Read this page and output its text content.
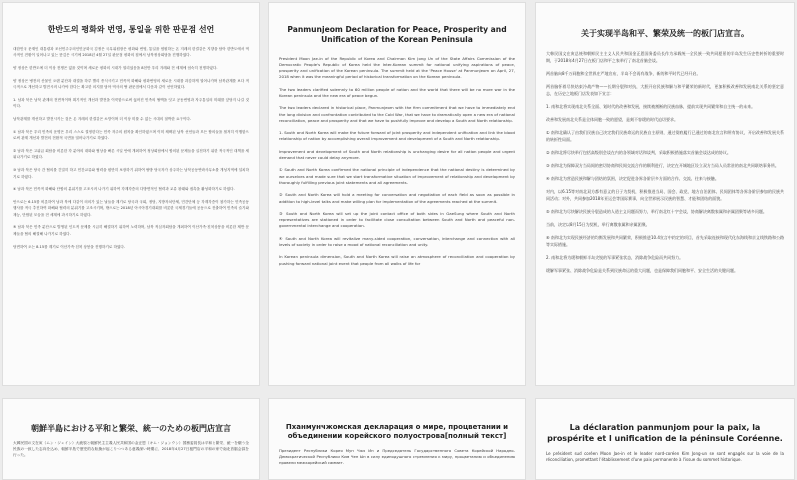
한반도의 평화와 번영, 통일을 위한 판문점 선언

대한민국 문재인 대통령과 조선민주주의인민공화국 김정은 국무위원장은 평화와 번영, 통일을 염원하는 온 겨레의 한결같은 지향을 담아 한반도에서 역사적인 전환이 일어나고 있는 뜻깊은 시기에 2018년 4월 27일 판문점 평화의 집에서 남북정상회담을 진행하였다.

양 정상은 한반도에 더 이상 전쟁은 없을 것이며 새로운 평화의 시대가 열리었음을 8천만 우리 겨레와 전 세계에 엄숙히 천명하였다.

양 정상은 냉전의 산물인 오랜 분단과 대결을 하루 빨리 종식시키고 민족적 화해와 평화번영의 새로운 시대를 과감하게 열어나가며 남북관계를 보다 적극적으로 개선하고 발전시켜 나가야 한다는 확고한 의지를 담아 역사의 땅 판문점에서 다음과 같이 선언하였다.

1. 남과 북은 남북 관계의 전면적이며 획기적인 개선과 발전을 이룩함으로써 끊어진 민족의 혈맥을 잇고 공동번영과 자주통일의 미래를 앞당겨 나갈 것이다.

남북관계를 개선하고 발전시키는 것은 온 겨레의 한결같은 소망이며 더 이상 미룰 수 없는 시대의 절박한 요구이다.

① 남과 북은 우리 민족의 운명은 우리 스스로 결정한다는 민족 자주의 원칙을 확인하였으며 이미 채택된 남북 선언들과 모든 합의들을 철저히 이행함으로써 관계 개선과 발전의 전환적 국면을 열어나가기로 하였다.

② 남과 북은 고위급 회담을 비롯한 각 분야의 대화와 협상을 빠른 시일 안에 개최하여 정상회담에서 합의된 문제들을 실천하기 위한 적극적인 대책을 세워나가기로 하였다.

③ 남과 북은 당국 간 협의를 긴밀히 하고 민간교류와 협력을 원만히 보장하기 위하여 쌍방 당국자가 상주하는 남북공동연락사무소를 개성지역에 설치하기로 하였다.

④ 남과 북은 민족적 화해와 단합의 분위기를 고조시켜 나가기 위하여 각계각층의 다방면적인 협력과 교류 왕래와 접촉을 활성화하기로 하였다.

안으로는 6.15를 비롯하여 남과 북에 다같이 의의가 있는 날들을 계기로 당국과 국회, 정당, 지방자치단체, 민간단체 등 각계각층이 참가하는 민족공동행사를 적극 추진하여 화해와 협력의 분위기를 고조시키며, 밖으로는 2018년 아시아경기대회를 비롯한 국제경기들에 공동으로 진출하여 민족의 슬기와 재능, 단합된 모습을 전 세계에 과시하기로 하였다.

⑤ 남과 북은 민족 분단으로 발생된 인도적 문제를 시급히 해결하기 위하여 노력하며, 남북 적십자회담을 개최하여 이산가족·친척상봉을 비롯한 제반 문제들을 협의 해결해 나가기로 하였다.

당면하여 오는 8.15를 계기로 이산가족·친척 상봉을 진행하기로 하였다.

Panmunjeom Declaration for Peace, Prosperity and Unification of the Korean Peninsula

President Moon Jae-in of the Republic of Korea and Chairman Kim Jong Un of the State Affairs Commission of the Democratic People's Republic of Korea held the Inter-Korean summit for national unifying aspirations of peace, prosperity and unification of the Korean peninsula. The summit held at the 'Peace House' at Panmunjeom on April, 27, 2018 when it was the meaningful period of historical transformation on the Korean peninsula.

The two leaders clarified solemnly to 60 million people of nation and the world that there will be no more war in the Korean peninsula and the new era of peace begun.

The two leaders declared in historical place, Panmunjeom with the firm commitment that we have to immediately end the long division and confrontation contributed to the Cold War, that we have to dramatically open a new era of national reconciliation, peace and prosperity and that we have to pushfully improve and develop a South and North relationship.

1. South and North Korea will make the future forward of joint prosperity and independent unification and link the blood relationship of nation by accomplishing overall improvement and development of a South and North relationship.

Improvement and development of South and North relationship is unchanging desire for all nation people and urgent demand that never could delay anymore.

① South and North Korea confirmed the national principle of independence that the national destiny is determined by we ourselves and made sure that we start transformative situation of improvement of relationship and development by thoroughly fulfilling previous joint statements and all agreements.

② South and North Korea will hold a meeting for conversation and negotiation of each field as soon as possible in addition to high-level talks and make willing plan for implementation of the agreements reached at the summit.

③ South and North Korea will set up the joint contact office of both sides in GaeSung where South and North representatives are stationed in order to facilitate close consultation between South and North and peaceful non-governmental interchange and cooperation.

④ South and North Korea will revitalize many-sided cooperation, conversation, interchange and connection with all levels of society in order to raise a mood of national reconciliation and unity.

In Korean peninsula dimension, South and North Korea will raise an atmosphere of reconciliation and cooperation by pushing forward national joint event that people from all walks of life for

关于实现半岛和平、繁荣及统一的板门店宣言。

大韩民国文在寅总统和朝鲜民主主义人民共和国金正恩国务委员长作为承载统一全民族一致共同愿景的半岛发生历史性转折的重要时期，于2018年4月27日在板门店和平之家举行了南北首脑会谈。

两首脑向8千万同胞和全世界庄严地宣布，半岛不会再有战争，新的和平时代已经开启。

两首脑怀着尽快结束冷战产物——长期分裂和对抗，大胆开启民族和解与和平繁荣的新时代，更加积极改善和发展南北关系的坚定意志，在历史之地板门店发表如下宣言：

1. 南和北将实现南北关系全面、划时代的改善和发展，接续被割断的民族血脉，提前实现共同繁荣和自主统一的未来。

改善和发展南北关系是全体同胞一致的愿望，是刻不容缓的时代迫切要求。

① 南和北确认了由我们民族自己决定我们民族命运的民族自主原则，通过彻底履行已通过的南北宣言和所有协议，开启改善和发展关系的转折性局面。

② 南和北将尽快举行包括高级别会谈在内的各领域对话和谈判，采取积极措施落实首脑会谈达成的协议。

③ 南和北为保障双方当局间的密切协商和民间交流合作的顺利进行，决定在开城地区设立双方当局人员常驻的南北共同联络事务所。

④ 南和北为营造民族和解与团结的氛围，决定促进各界各阶层多方面的合作、交流、往来与接触。

对内，以6.15等对南北双方都有意义的日子为契机，积极推进当局、国会、政党、地方自治团体、民间团体等各界各阶层参加的民族共同活动；对外，共同参加2018年亚运会等国际赛事，向全世界展示民族的智慧、才能和团结的面貌。

⑤ 南和北为尽快解决民族分裂造成的人道主义问题而努力，举行南北红十字会谈，协商解决离散家属和亲属团聚等诸多问题。

当前，决定以8月15日为契机，举行离散家属和亲属团聚。

⑥ 南和北为实现民族经济的均衡发展和共同繁荣，积极推进10.4宣言中约定的项目，首先采取连接和现代化东海线和京义线铁路和公路等实际措施。

2. 南和北将为缓和朝鲜半岛尖锐的军事紧张状态，消除战争危险而共同努力。

缓解军事紧张、消除战争危险是关系到民族命运的重大问题，也是保障我们同胞和平、安全生活的关键问题。

朝鮮半島における平和と繁栄、統一のための板門店宣言

大韓民国の文在寅（ムン・ジェイン）大統領と朝鮮民主主義人民共和国の金正恩（キム・ジョンウン）国務委員長は平和と繁栄、統一を願う全民族の一致した志向を込め、朝鮮半島で歴史的な転換が起こりつつある意義深い時期に、2018年4月27日板門店の平和の家で南北首脳会談を行った。

Пханмунчжомская декларация о мире, процветании и объединении корейского полуострова[полный текст]

Президент Республики Корея Мун Чжэ Ин и Председатель Государственного Совета Корейской Народно-Демократической Республики Ким Чен Ын в силу единодушного стремления к миру, процветанию и объединению провели межкорейский саммит.

La déclaration panmunjom pour la paix, la prospérite et l unification de la péninsule Coréenne.

Le président sud coréen Moon Jae-in et le leader nord-coréen Kim Jong-un se sont engagés sur la voie de la réconciliation, promettant l'établissement d'une paix permanente à l'issue du sommet historique.
